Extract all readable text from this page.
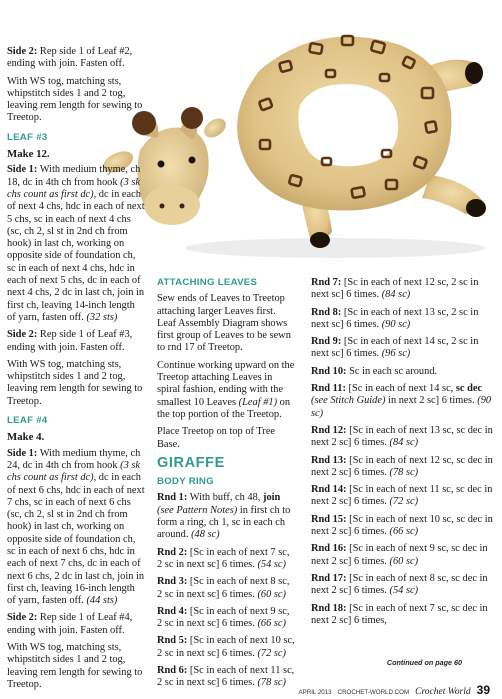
Side 2: Rep side 1 of Leaf #2, ending with join. Fasten off.

With WS tog, matching sts, whipstitch sides 1 and 2 tog, leaving rem length for sewing to Treetop.

LEAF #3
Make 12.

Side 1: With medium thyme, ch 18, dc in 4th ch from hook (3 sk chs count as first dc), dc in each of next 4 chs, hdc in each of next 5 chs, sc in each of next 4 chs (sc, ch 2, sl st in 2nd ch from hook) in last ch, working on opposite side of foundation ch, sc in each of next 4 chs, hdc in each of next 5 chs, dc in each of next 4 chs, 2 dc in last ch, join in first ch, leaving 14-inch length of yarn, fasten off. (32 sts)

Side 2: Rep side 1 of Leaf #3, ending with join. Fasten off.

With WS tog, matching sts, whipstitch sides 1 and 2 tog, leaving rem length for sewing to Treetop.

LEAF #4
Make 4.

Side 1: With medium thyme, ch 24, dc in 4th ch from hook (3 sk chs count as first dc), dc in each of next 6 chs, hdc in each of next 7 chs, sc in each of next 6 chs (sc, ch 2, sl st in 2nd ch from hook) in last ch, working on opposite side of foundation ch, sc in each of next 6 chs, hdc in each of next 7 chs, dc in each of next 6 chs, 2 dc in last ch, join in first ch, leaving 16-inch length of yarn, fasten off. (44 sts)

Side 2: Rep side 1 of Leaf #4, ending with join. Fasten off.

With WS tog, matching sts, whipstitch sides 1 and 2 tog, leaving rem length for sewing to Treetop.

ATTACHING LEAVES

Sew ends of Leaves to Treetop attaching larger Leaves first. Leaf Assembly Diagram shows first group of Leaves to be sewn to rnd 17 of Treetop.

Continue working upward on the Treetop attaching Leaves in spiral fashion, ending with the smallest 10 Leaves (Leaf #1) on the top portion of the Treetop.

Place Treetop on top of Tree Base.

GIRAFFE
BODY RING

Rnd 1: With buff, ch 48, join (see Pattern Notes) in first ch to form a ring, ch 1, sc in each ch around. (48 sc)

Rnd 2: [Sc in each of next 7 sc, 2 sc in next sc] 6 times. (54 sc)

Rnd 3: [Sc in each of next 8 sc, 2 sc in next sc] 6 times. (60 sc)

Rnd 4: [Sc in each of next 9 sc, 2 sc in next sc] 6 times. (66 sc)

Rnd 5: [Sc in each of next 10 sc, 2 sc in next sc] 6 times. (72 sc)

Rnd 6: [Sc in each of next 11 sc, 2 sc in next sc] 6 times. (78 sc)

Rnd 7: [Sc in each of next 12 sc, 2 sc in next sc] 6 times. (84 sc)

Rnd 8: [Sc in each of next 13 sc, 2 sc in next sc] 6 times. (90 sc)

Rnd 9: [Sc in each of next 14 sc, 2 sc in next sc] 6 times. (96 sc)

Rnd 10: Sc in each sc around.

Rnd 11: [Sc in each of next 14 sc, sc dec (see Stitch Guide) in next 2 sc] 6 times. (90 sc)

Rnd 12: [Sc in each of next 13 sc, sc dec in next 2 sc] 6 times. (84 sc)

Rnd 13: [Sc in each of next 12 sc, sc dec in next 2 sc] 6 times. (78 sc)

Rnd 14: [Sc in each of next 11 sc, sc dec in next 2 sc] 6 times. (72 sc)

Rnd 15: [Sc in each of next 10 sc, sc dec in next 2 sc] 6 times. (66 sc)

Rnd 16: [Sc in each of next 9 sc, sc dec in next 2 sc] 6 times. (60 sc)

Rnd 17: [Sc in each of next 8 sc, sc dec in next 2 sc] 6 times. (54 sc)

Rnd 18: [Sc in each of next 7 sc, sc dec in next 2 sc] 6 times,

Continued on page 60
APRIL 2013 CROCHET-WORLD.COM Crochet World 39
